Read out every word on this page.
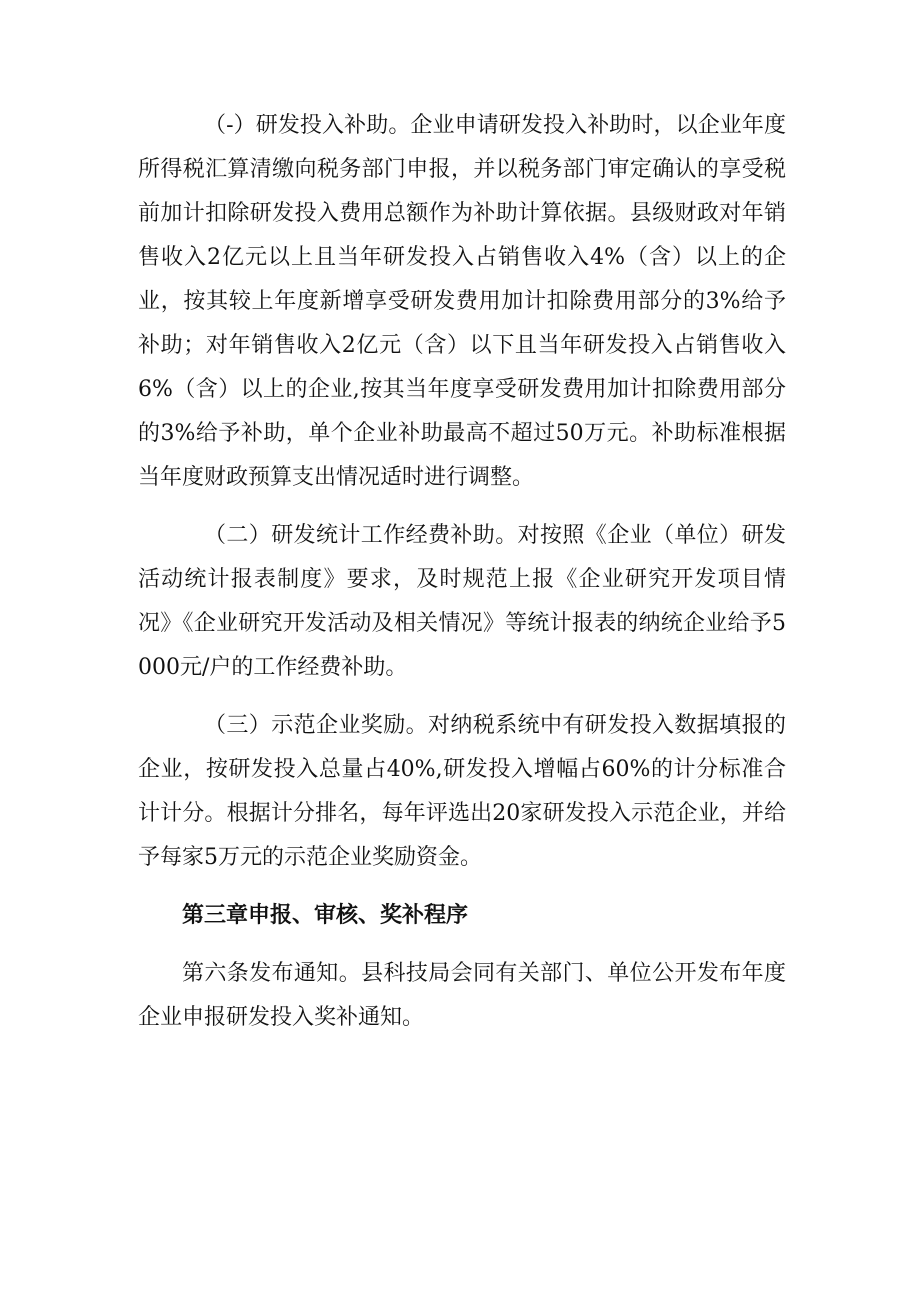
（-）研发投入补助。企业申请研发投入补助时，以企业年度所得税汇算清缴向税务部门申报，并以税务部门审定确认的享受税前加计扣除研发投入费用总额作为补助计算依据。县级财政对年销售收入2亿元以上且当年研发投入占销售收入4%（含）以上的企业，按其较上年度新增享受研发费用加计扣除费用部分的3%给予补助；对年销售收入2亿元（含）以下且当年研发投入占销售收入6%（含）以上的企业,按其当年度享受研发费用加计扣除费用部分的3%给予补助，单个企业补助最高不超过50万元。补助标准根据当年度财政预算支出情况适时进行调整。

（二）研发统计工作经费补助。对按照《企业（单位）研发活动统计报表制度》要求，及时规范上报《企业研究开发项目情况》《企业研究开发活动及相关情况》等统计报表的纳统企业给予5000元/户的工作经费补助。

（三）示范企业奖励。对纳税系统中有研发投入数据填报的企业，按研发投入总量占40%,研发投入增幅占60%的计分标准合计计分。根据计分排名，每年评选出20家研发投入示范企业，并给予每家5万元的示范企业奖励资金。

第三章申报、审核、奖补程序

第六条发布通知。县科技局会同有关部门、单位公开发布年度企业申报研发投入奖补通知。
